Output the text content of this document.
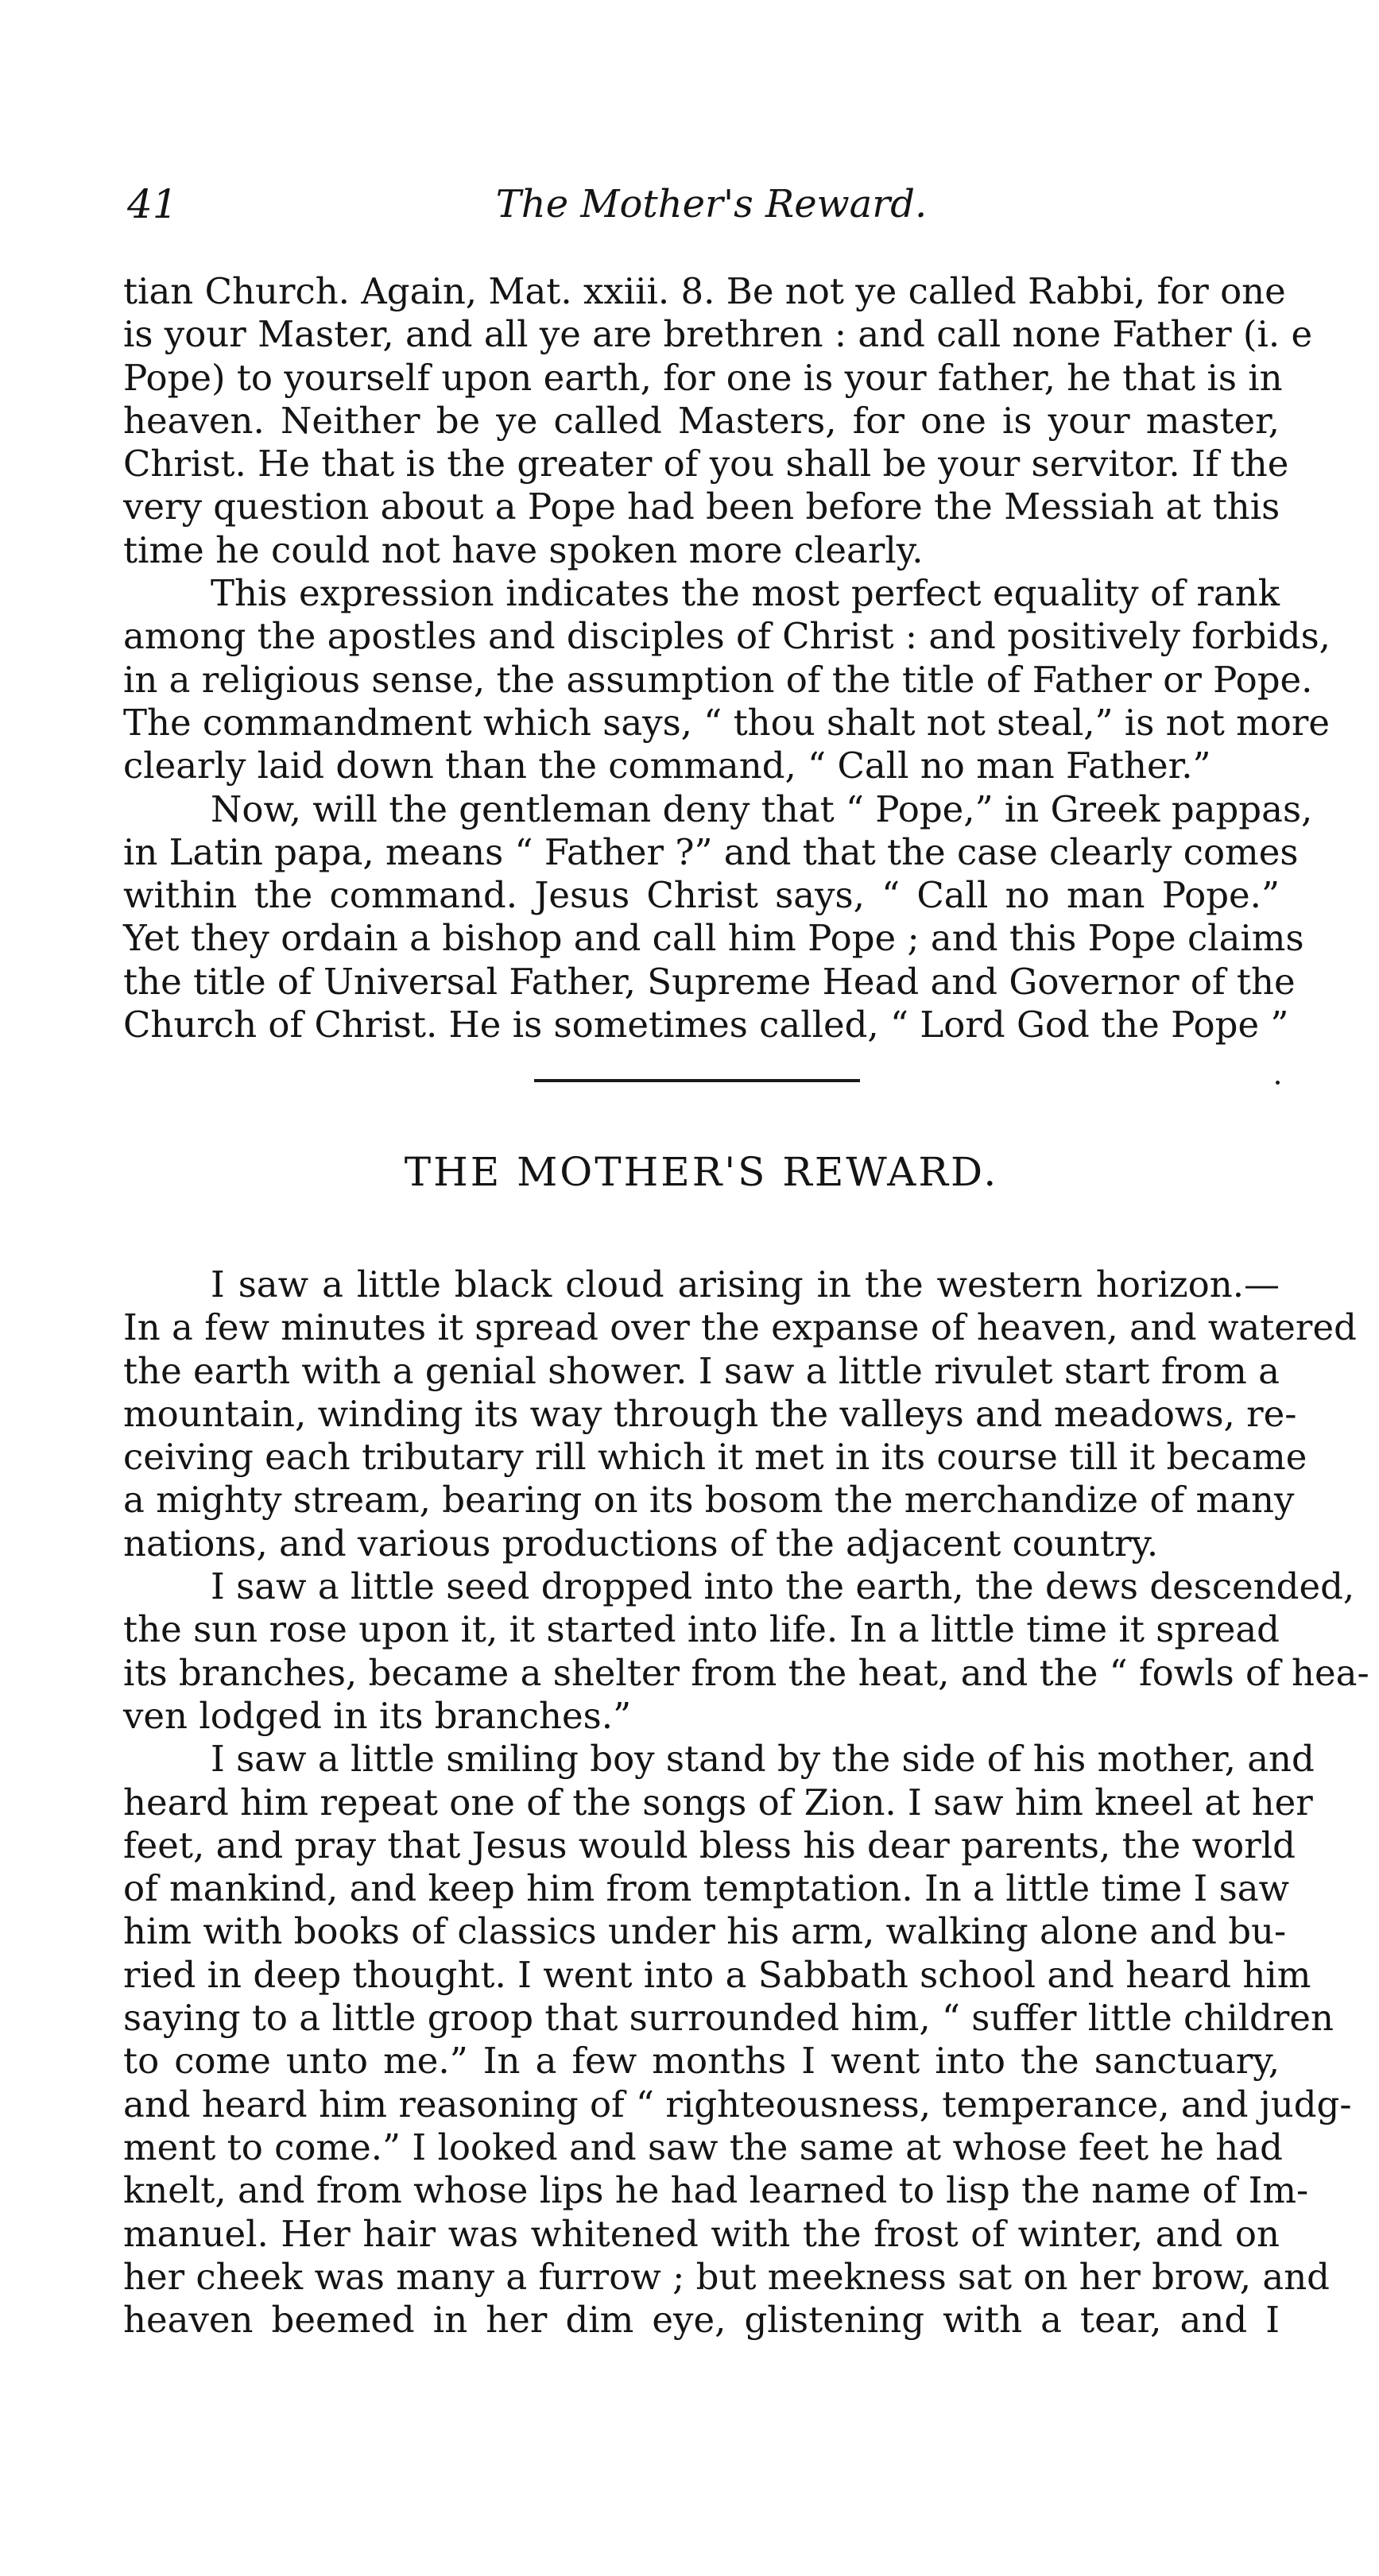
41	The Mother's Reward.
tian Church. Again, Mat. xxiii. 8. Be not ye called Rabbi, for one
is your Master, and all ye are brethren : and call none Father (i. e
Pope) to yourself upon earth, for one is your father, he that is in
heaven. Neither be ye called Masters, for one is your master,
Christ. He that is the greater of you shall be your servitor. If the
very question about a Pope had been before the Messiah at this
time he could not have spoken more clearly.
This expression indicates the most perfect equality of rank
among the apostles and disciples of Christ : and positively forbids,
in a religious sense, the assumption of the title of Father or Pope.
The commandment which says, “ thou shalt not steal,” is not more
clearly laid down than the command, “ Call no man Father.”
Now, will the gentleman deny that “ Pope,” in Greek pappas,
in Latin papa, means “ Father ?” and that the case clearly comes
within the command. Jesus Christ says, “ Call no man Pope.”
Yet they ordain a bishop and call him Pope ; and this Pope claims
the title of Universal Father, Supreme Head and Governor of the
Church of Christ. He is sometimes called, “ Lord God the Pope ”
THE MOTHER'S REWARD.
I saw a little black cloud arising in the western horizon.—
In a few minutes it spread over the expanse of heaven, and watered
the earth with a genial shower. I saw a little rivulet start from a
mountain, winding its way through the valleys and meadows, re-
ceiving each tributary rill which it met in its course till it became
a mighty stream, bearing on its bosom the merchandize of many
nations, and various productions of the adjacent country.
I saw a little seed dropped into the earth, the dews descended,
the sun rose upon it, it started into life. In a little time it spread
its branches, became a shelter from the heat, and the “ fowls of hea-
ven lodged in its branches.”
I saw a little smiling boy stand by the side of his mother, and
heard him repeat one of the songs of Zion. I saw him kneel at her
feet, and pray that Jesus would bless his dear parents, the world
of mankind, and keep him from temptation. In a little time I saw
him with books of classics under his arm, walking alone and bu-
ried in deep thought. I went into a Sabbath school and heard him
saying to a little groop that surrounded him, “ suffer little children
to come unto me.” In a few months I went into the sanctuary,
and heard him reasoning of “ righteousness, temperance, and judg-
ment to come.” I looked and saw the same at whose feet he had
knelt, and from whose lips he had learned to lisp the name of Im-
manuel. Her hair was whitened with the frost of winter, and on
her cheek was many a furrow ; but meekness sat on her brow, and
heaven beemed in her dim eye, glistening with a tear, and I
